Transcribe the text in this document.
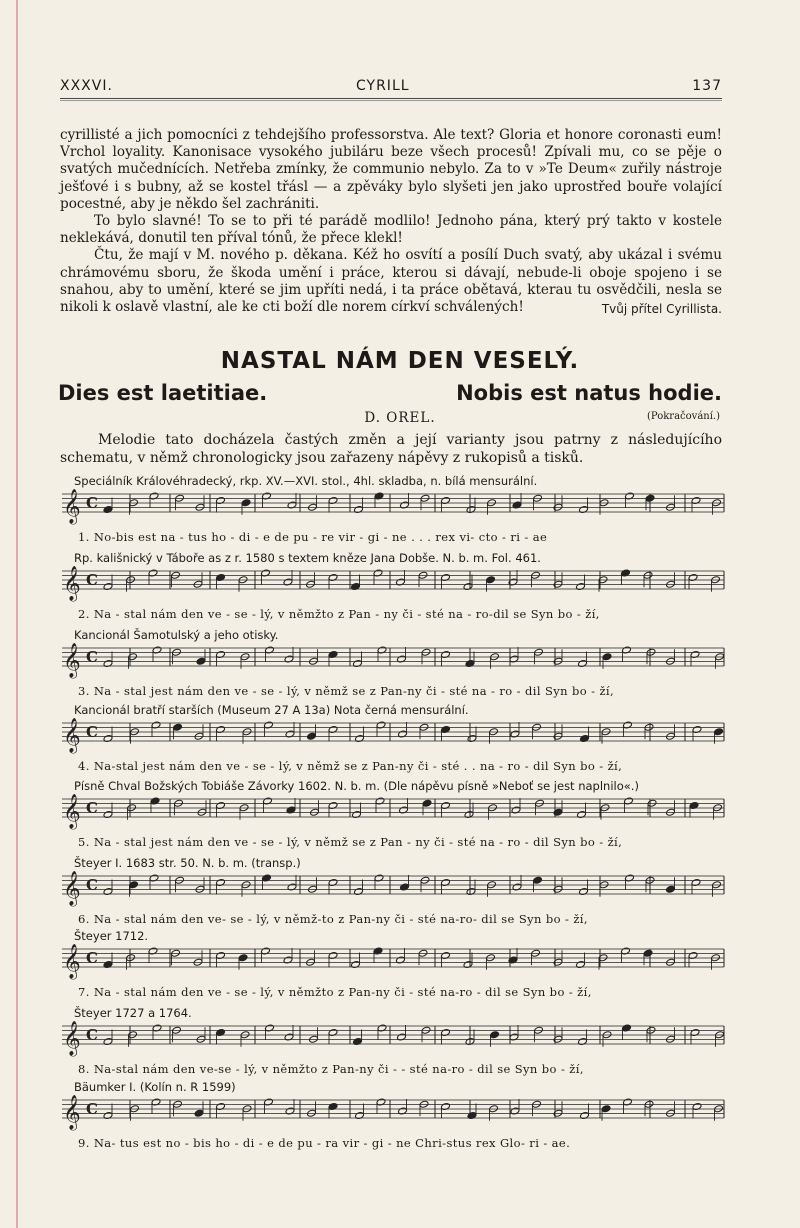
XXXVI.	CYRILL	137

cyrillisté a jich pomocníci z tehdejšího professorstva. Ale text? Gloria et honore coronasti eum! Vrchol loyality. Kanonisace vysokého jubiláru beze všech procesů! Zpívali mu, co se pěje o svatých mučednících. Netřeba zmínky, že communio nebylo. Za to v »Te Deum« zuřily nástroje ješťové i s bubny, až se kostel třásl — a zpěváky bylo slyšeti jen jako uprostřed bouře volající pocestné, aby je někdo šel zachrániti.

To bylo slavné! To se to při té parádě modlilo! Jednoho pána, který prý takto v kostele neklekává, donutil ten příval tónů, že přece klekl!

Čtu, že mají v M. nového p. děkana. Kéž ho osvítí a posílí Duch svatý, aby ukázal i svému chrámovému sboru, že škoda umění i práce, kterou si dávají, nebude-li oboje spojeno i se snahou, aby to umění, které se jim upříti nedá, i ta práce obětavá, kterau tu osvědčili, nesla se nikoli k oslavě vlastní, ale ke cti boží dle norem církví schválených!	Tvůj přítel Cyrillista.
NASTAL NÁM DEN VESELÝ.
Dies est laetitiae.	Nobis est natus hodie.
D. OREL.	(Pokračování.)
Melodie tato docházela častých změn a její varianty jsou patrny z následujícího schematu, v němž chronologicky jsou zařazeny nápěvy z rukopisů a tisků.
Speciálník Královéhradecký, rkp. XV.—XVI. stol., 4hl. skladba, n. bílá mensurální.
𝄞 C
1. No-bis est na - tus ho - di - e de pu - re vir - gi - ne . . . rex vi- cto - ri - ae
Rp. kališnický v Táboře as z r. 1580 s textem kněze Jana Dobše. N. b. m. Fol. 461.
𝄞 C
2. Na - stal nám den ve - se - lý, v němžto z Pan - ny či - sté na - ro-dil se Syn bo - ží,
Kancionál Šamotulský a jeho otisky.
𝄞 C
3. Na - stal jest nám den ve - se - lý, v němž se z Pan-ny či - sté na - ro - dil Syn bo - ží,
Kancionál bratří starších (Museum 27 A 13a) Nota černá mensurální.
𝄞 C
4. Na-stal jest nám den ve - se - lý, v němž se z Pan-ny či - sté . . na - ro - dil Syn bo - ží,
Písně Chval Božských Tobiáše Závorky 1602. N. b. m. (Dle nápěvu písně »Neboť se jest naplnilo«.)
𝄞 C
5. Na - stal jest nám den ve - se - lý, v němž se z Pan - ny či - sté na - ro - dil Syn bo - ží,
Šteyer I. 1683 str. 50. N. b. m. (transp.)
𝄞 C
6. Na - stal nám den ve- se - lý, v němž-to z Pan-ny či - sté na-ro- dil se Syn bo - ží,
Šteyer 1712.
𝄞 C
7. Na - stal nám den ve - se - lý, v němžto z Pan-ny či - sté na-ro - dil se Syn bo - ží,
Šteyer 1727 a 1764.
𝄞 C
8. Na-stal nám den ve-se - lý, v němžto z Pan-ny či - - sté na-ro - dil se Syn bo - ží,
Bäumker I. (Kolín n. R 1599)
𝄞 C
9. Na- tus est no - bis ho - di - e de pu - ra vir - gi - ne Chri-stus rex Glo- ri - ae.
